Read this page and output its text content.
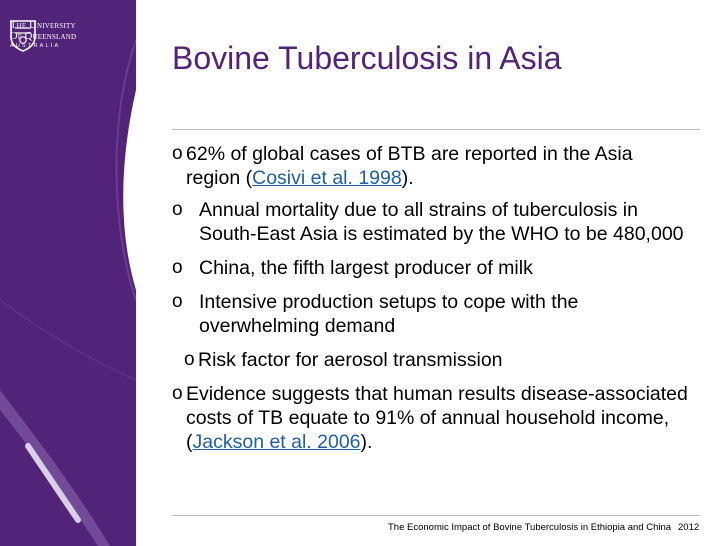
The University
Of Queensland
AUSTRALIA	Bovine Tuberculosis in Asia
o 62% of global cases of BTB are reported in the Asia region (Cosivi et al. 1998).
o Annual mortality due to all strains of tuberculosis in South-East Asia is estimated by the WHO to be 480,000
o China, the fifth largest producer of milk
o Intensive production setups to cope with the overwhelming demand
o Risk factor for aerosol transmission
o Evidence suggests that human results disease-associated costs of TB equate to 91% of annual household income, (Jackson et al. 2006).
The Economic Impact of Bovine Tuberculosis in Ethiopia and China 2012
